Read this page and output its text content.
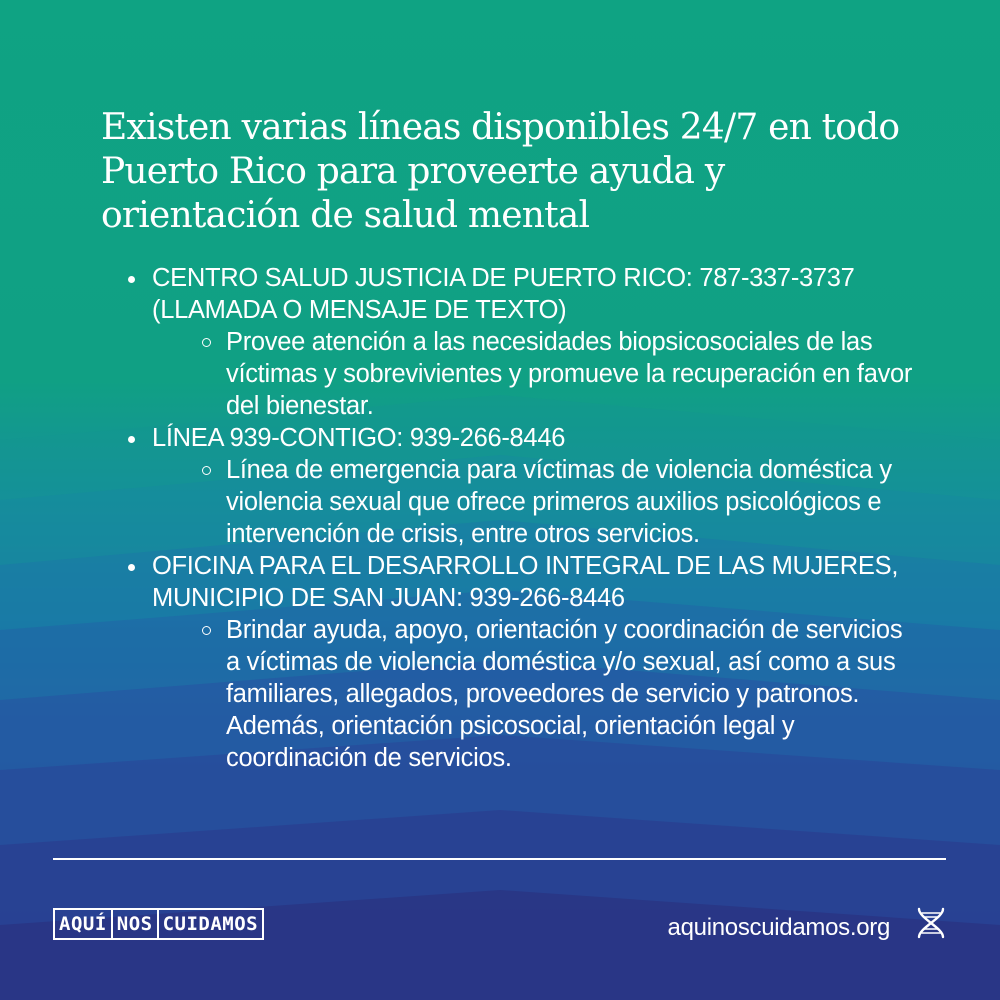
Existen varias líneas disponibles 24/7 en todo Puerto Rico para proveerte ayuda y orientación de salud mental
CENTRO SALUD JUSTICIA DE PUERTO RICO: 787-337-3737 (LLAMADA O MENSAJE DE TEXTO)
Provee atención a las necesidades biopsicosociales de las víctimas y sobrevivientes y promueve la recuperación en favor del bienestar.
LÍNEA 939-CONTIGO: 939-266-8446
Línea de emergencia para víctimas de violencia doméstica y violencia sexual que ofrece primeros auxilios psicológicos e intervención de crisis, entre otros servicios.
OFICINA PARA EL DESARROLLO INTEGRAL DE LAS MUJERES, MUNICIPIO DE SAN JUAN: 939-266-8446
Brindar ayuda, apoyo, orientación y coordinación de servicios a víctimas de violencia doméstica y/o sexual, así como a sus familiares, allegados, proveedores de servicio y patronos. Además, orientación psicosocial, orientación legal y coordinación de servicios.
AQUÍ NOS CUIDAMOS	aquinoscuidamos.org
